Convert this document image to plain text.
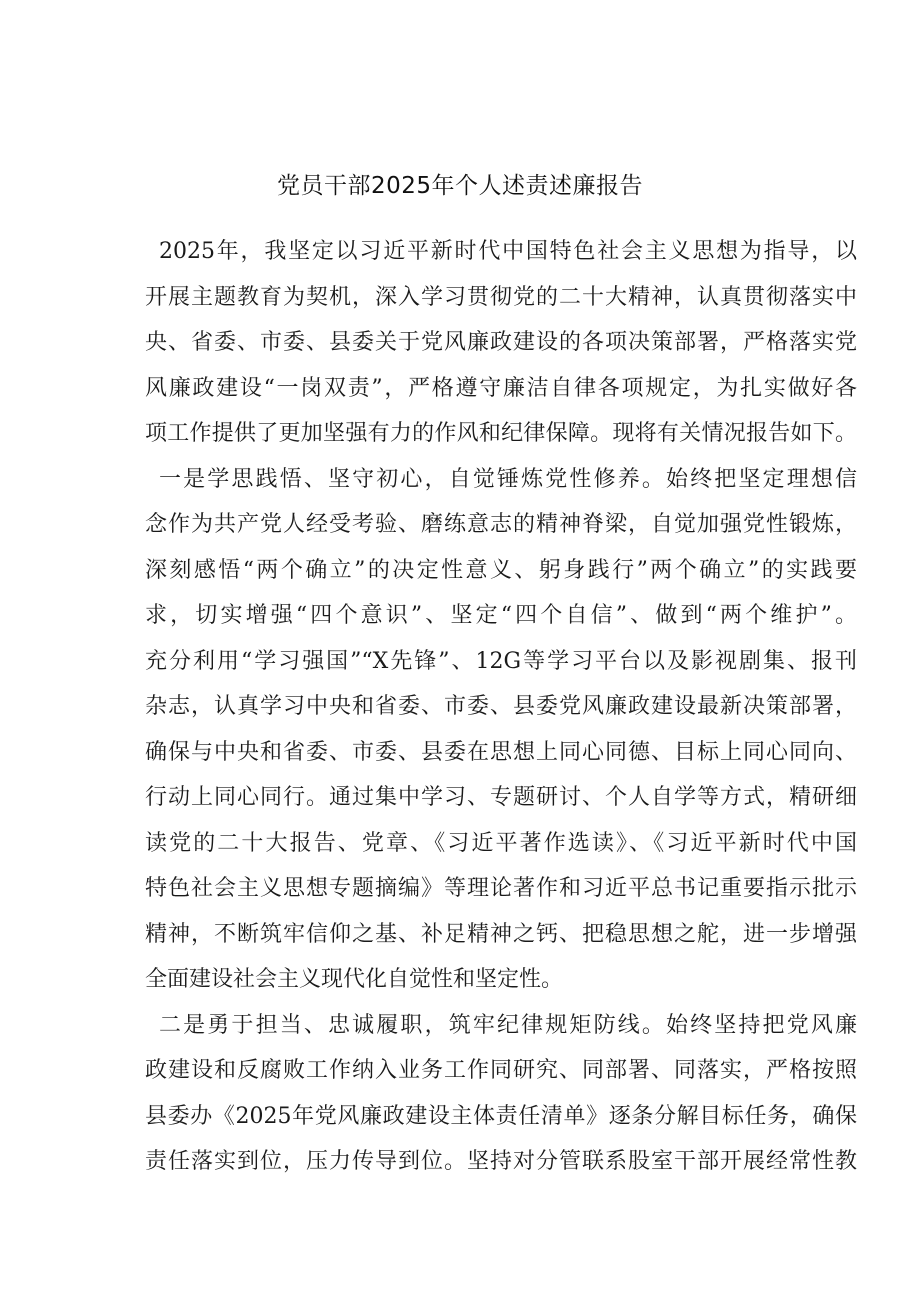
党员干部2025年个人述责述廉报告
2025年，我坚定以习近平新时代中国特色社会主义思想为指导，以
开展主题教育为契机，深入学习贯彻党的二十大精神，认真贯彻落实中
央、省委、市委、县委关于党风廉政建设的各项决策部署，严格落实党
风廉政建设“一岗双责”，严格遵守廉洁自律各项规定，为扎实做好各
项工作提供了更加坚强有力的作风和纪律保障。现将有关情况报告如下。
一是学思践悟、坚守初心，自觉锤炼党性修养。始终把坚定理想信
念作为共产党人经受考验、磨练意志的精神脊梁，自觉加强党性锻炼，
深刻感悟“两个确立”的决定性意义、躬身践行”两个确立”的实践要
求，切实增强“四个意识”、坚定“四个自信”、做到“两个维护”。
充分利用“学习强国”“X先锋”、12G等学习平台以及影视剧集、报刊
杂志，认真学习中央和省委、市委、县委党风廉政建设最新决策部署，
确保与中央和省委、市委、县委在思想上同心同德、目标上同心同向、
行动上同心同行。通过集中学习、专题研讨、个人自学等方式，精研细
读党的二十大报告、党章、《习近平著作选读》、《习近平新时代中国
特色社会主义思想专题摘编》等理论著作和习近平总书记重要指示批示
精神，不断筑牢信仰之基、补足精神之钙、把稳思想之舵，进一步增强
全面建设社会主义现代化自觉性和坚定性。
二是勇于担当、忠诚履职，筑牢纪律规矩防线。始终坚持把党风廉
政建设和反腐败工作纳入业务工作同研究、同部署、同落实，严格按照
县委办《2025年党风廉政建设主体责任清单》逐条分解目标任务，确保
责任落实到位，压力传导到位。坚持对分管联系股室干部开展经常性教
